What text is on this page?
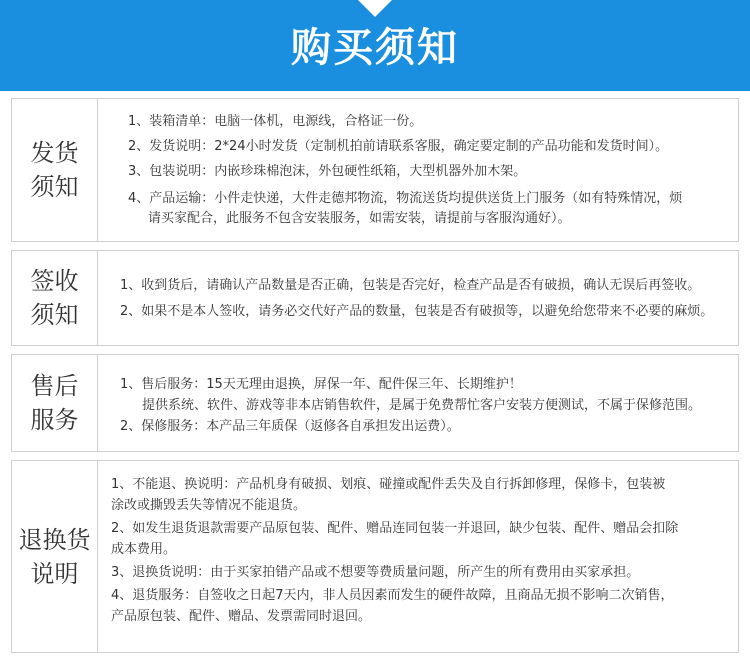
购买须知
发货
须知
1、装箱清单：电脑一体机，电源线，合格证一份。
2、发货说明：2*24小时发货（定制机拍前请联系客服，确定要定制的产品功能和发货时间）。
3、包装说明：内嵌珍珠棉泡沫，外包硬性纸箱，大型机器外加木架。
4、产品运输：小件走快递，大件走德邦物流，物流送货均提供送货上门服务（如有特殊情况，烦
请买家配合，此服务不包含安装服务，如需安装，请提前与客服沟通好）。
签收
须知
1、收到货后，请确认产品数量是否正确，包装是否完好，检查产品是否有破损，确认无误后再签收。
2、如果不是本人签收，请务必交代好产品的数量，包装是否有破损等，以避免给您带来不必要的麻烦。
售后
服务
1、售后服务：15天无理由退换，屏保一年、配件保三年、长期维护！
提供系统、软件、游戏等非本店销售软件，是属于免费帮忙客户安装方便测试，不属于保修范围。
2、保修服务：本产品三年质保（返修各自承担发出运费）。
退换货
说明
1、不能退、换说明：产品机身有破损、划痕、碰撞或配件丢失及自行拆卸修理，保修卡，包装被
涂改或撕毁丢失等情况不能退货。
2、如发生退货退款需要产品原包装、配件、赠品连同包装一并退回，缺少包装、配件、赠品会扣除
成本费用。
3、退换货说明：由于买家拍错产品或不想要等费质量问题，所产生的所有费用由买家承担。
4、退货服务：自签收之日起7天内，非人员因素而发生的硬件故障，且商品无损不影响二次销售，
产品原包装、配件、赠品、发票需同时退回。
